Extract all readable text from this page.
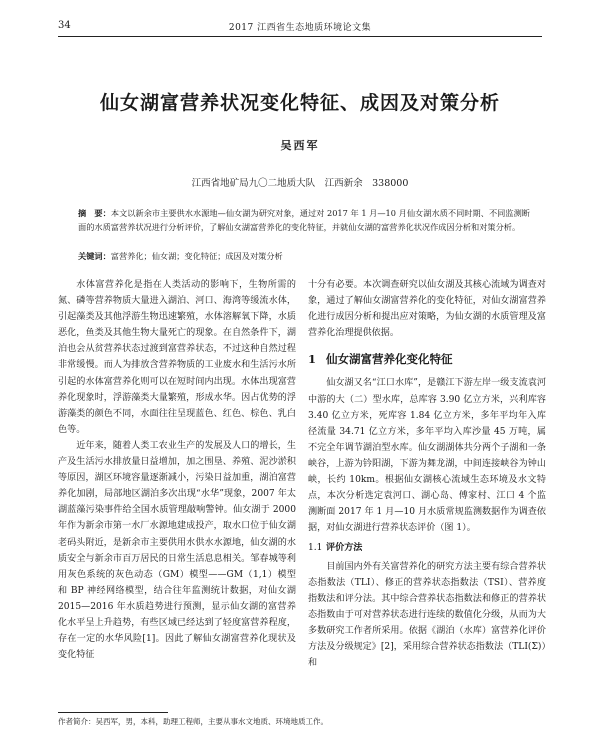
34	2017 江西省生态地质环境论文集
仙女湖富营养状况变化特征、成因及对策分析
吴西军
江西省地矿局九〇二地质大队　江西新余　338000
摘　要：本文以新余市主要供水水源地—仙女湖为研究对象，通过对 2017 年 1 月—10 月仙女湖水质不同时期、不同监测断面的水质富营养状况进行分析评价，了解仙女湖富营养化的变化特征，并就仙女湖的富营养化状况作成因分析和对策分析。
关键词：富营养化；仙女湖；变化特征；成因及对策分析

水体富营养化是指在人类活动的影响下，生物所需的氮、磷等营养物质大量进入湖泊、河口、海湾等缓流水体，引起藻类及其他浮游生物迅速繁殖，水体溶解氧下降，水质恶化，鱼类及其他生物大量死亡的现象。在自然条件下，湖泊也会从贫营养状态过渡到富营养状态，不过这种自然过程非常缓慢。而人为排放含营养物质的工业废水和生活污水所引起的水体富营养化则可以在短时间内出现。水体出现富营养化现象时，浮游藻类大量繁殖，形成水华。因占优势的浮游藻类的颜色不同，水面往往呈现蓝色、红色、棕色、乳白色等。

近年来，随着人类工农业生产的发展及人口的增长，生产及生活污水排放量日益增加，加之围垦、养殖、泥沙淤积等原因，湖区环境容量逐渐减小，污染日益加重，湖泊富营养化加剧，局部地区湖泊多次出现“水华”现象，2007 年太湖蓝藻污染事件给全国水质管理敲响警钟。仙女湖于 2000 年作为新余市第一水厂水源地建成投产，取水口位于仙女湖老码头附近，是新余市主要供用水供水水源地，仙女湖的水质安全与新余市百万居民的日常生活息息相关。邹春城等利用灰色系统的灰色动态（GM）模型——GM（1,1）模型和 BP 神经网络模型，结合往年监测统计数据，对仙女湖 2015—2016 年水质趋势进行预测，显示仙女湖的富营养化水平呈上升趋势，有些区域已经达到了轻度富营养程度，存在一定的水华风险[1]。因此了解仙女湖富营养化现状及变化特征

十分有必要。本次调查研究以仙女湖及其核心流域为调查对象，通过了解仙女湖富营养化的变化特征，对仙女湖富营养化进行成因分析和提出应对策略，为仙女湖的水质管理及富营养化治理提供依据。

1 仙女湖富营养化变化特征

仙女湖又名“江口水库”，是赣江下游左岸一级支流袁河中游的大（二）型水库，总库容 3.90 亿立方米，兴利库容 3.40 亿立方米，死库容 1.84 亿立方米，多年平均年入库径流量 34.71 亿立方米，多年平均入库沙量 45 万吨，属不完全年调节湖泊型水库。仙女湖湖体共分两个子湖和一条峡谷，上游为钤阳湖，下游为舞龙湖，中间连接峡谷为钟山峡，长约 10km。根据仙女湖核心流域生态环境及水文特点，本次分析选定袁河口、湖心岛、傅家村、江口 4 个监测断面 2017 年 1 月—10 月水质常规监测数据作为调查依据，对仙女湖进行营养状态评价（图 1）。

1.1 评价方法

目前国内外有关富营养化的研究方法主要有综合营养状态指数法（TLI）、修正的营养状态指数法（TSI）、营养度指数法和评分法。其中综合营养状态指数法和修正的营养状态指数由于可对营养状态进行连续的数值化分级，从而为大多数研究工作者所采用。依据《湖泊（水库）富营养化评价方法及分级规定》[2]，采用综合营养状态指数法（TLI(Σ)）和

作者简介：吴西军，男，本科，助理工程师，主要从事水文地质、环境地质工作。
